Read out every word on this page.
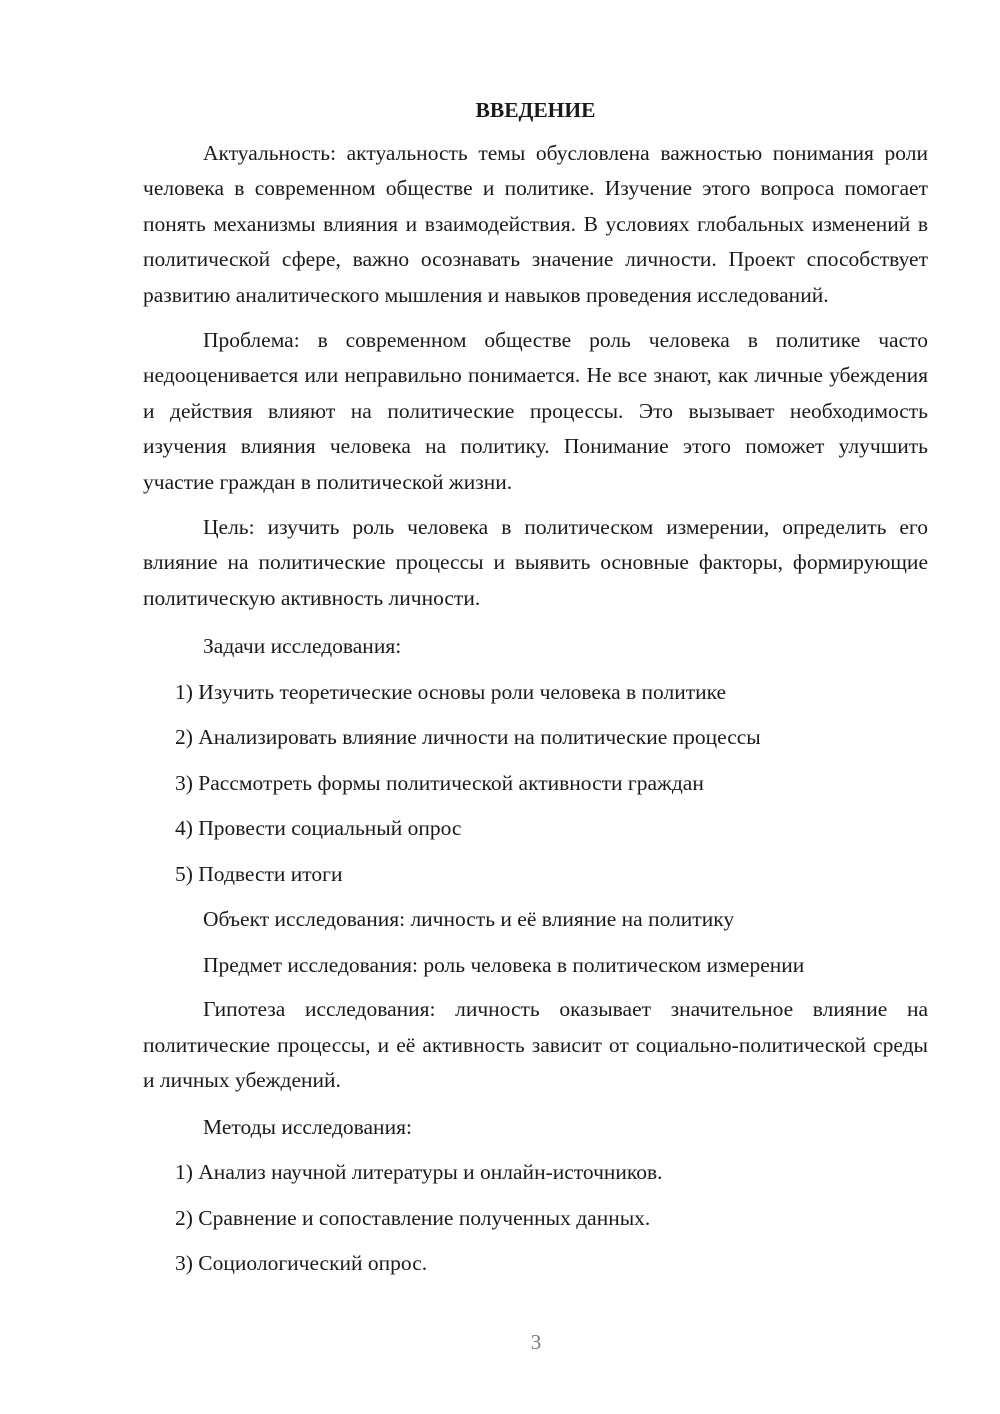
ВВЕДЕНИЕ

Актуальность: актуальность темы обусловлена важностью понимания роли человека в современном обществе и политике. Изучение этого вопроса помогает понять механизмы влияния и взаимодействия. В условиях глобальных изменений в политической сфере, важно осознавать значение личности. Проект способствует развитию аналитического мышления и навыков проведения исследований.

Проблема: в современном обществе роль человека в политике часто недооценивается или неправильно понимается. Не все знают, как личные убеждения и действия влияют на политические процессы. Это вызывает необходимость изучения влияния человека на политику. Понимание этого поможет улучшить участие граждан в политической жизни.

Цель: изучить роль человека в политическом измерении, определить его влияние на политические процессы и выявить основные факторы, формирующие политическую активность личности.

Задачи исследования:

1) Изучить теоретические основы роли человека в политике

2) Анализировать влияние личности на политические процессы

3) Рассмотреть формы политической активности граждан

4) Провести социальный опрос

5) Подвести итоги

Объект исследования: личность и её влияние на политику

Предмет исследования: роль человека в политическом измерении

Гипотеза исследования: личность оказывает значительное влияние на политические процессы, и её активность зависит от социально-политической среды и личных убеждений.

Методы исследования:

1) Анализ научной литературы и онлайн-источников.

2) Сравнение и сопоставление полученных данных.

3) Социологический опрос.

3
